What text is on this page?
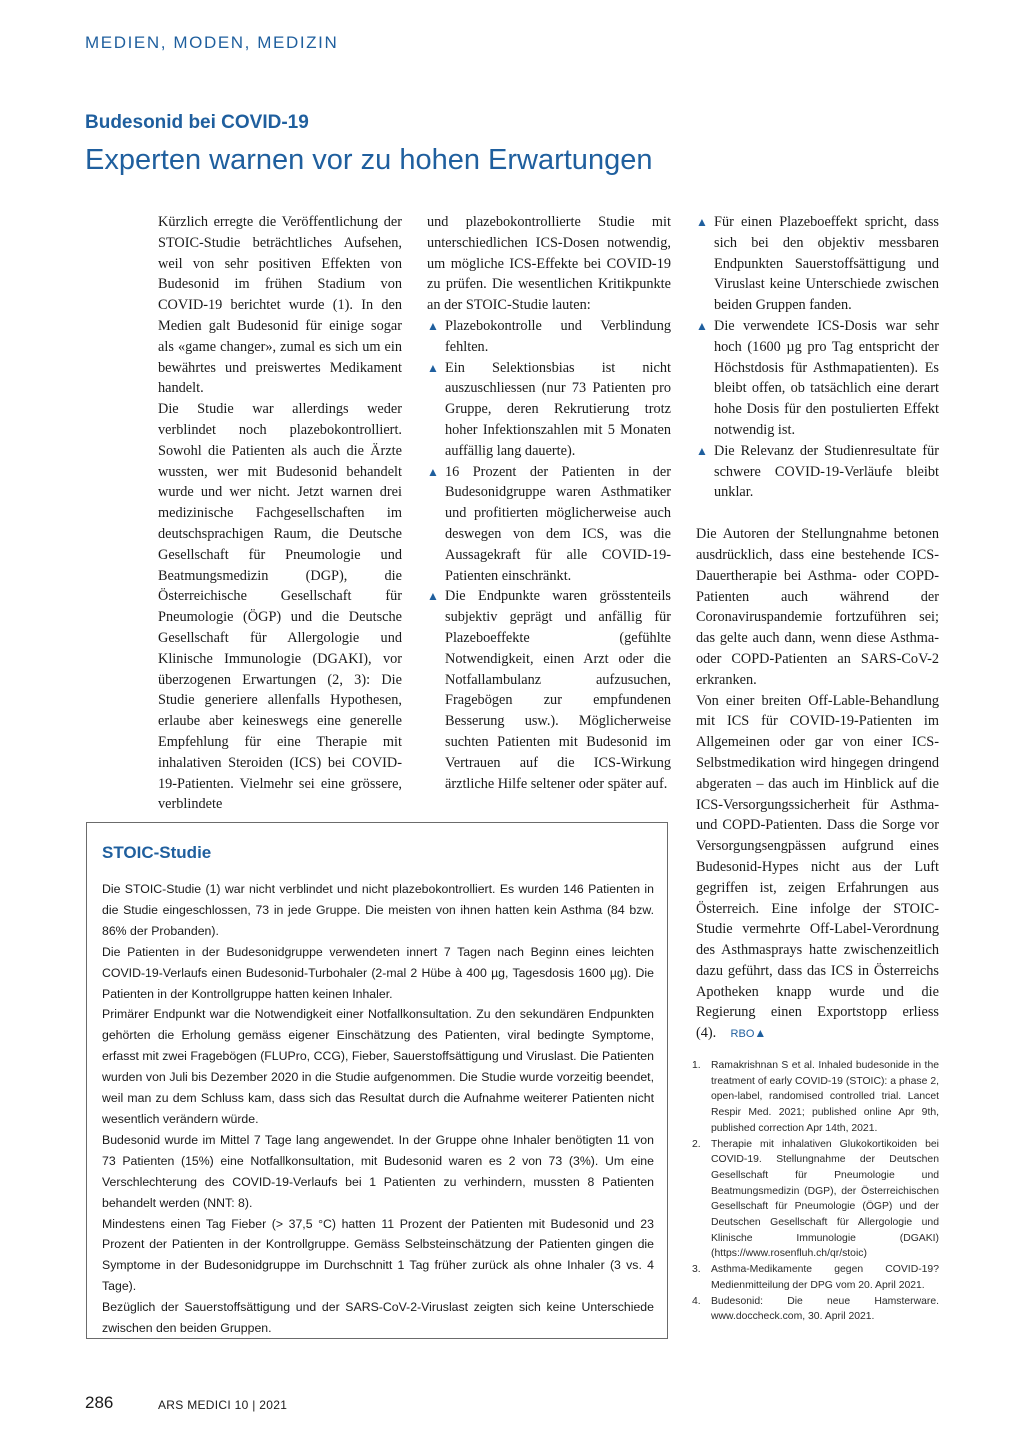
MEDIEN, MODEN, MEDIZIN
Budesonid bei COVID-19
Experten warnen vor zu hohen Erwartungen

Kürzlich erregte die Veröffentlichung der STOIC-Studie beträchtliches Aufsehen, weil von sehr positiven Effekten von Budesonid im frühen Stadium von COVID-19 berichtet wurde (1). In den Medien galt Budesonid für einige sogar als «game changer», zumal es sich um ein bewährtes und preiswertes Medikament handelt.

Die Studie war allerdings weder verblindet noch plazebokontrolliert. Sowohl die Patienten als auch die Ärzte wussten, wer mit Budesonid behandelt wurde und wer nicht. Jetzt warnen drei medizinische Fachgesellschaften im deutschsprachigen Raum, die Deutsche Gesellschaft für Pneumologie und Beatmungsmedizin (DGP), die Österreichische Gesellschaft für Pneumologie (ÖGP) und die Deutsche Gesellschaft für Allergologie und Klinische Immunologie (DGAKI), vor überzogenen Erwartungen (2, 3): Die Studie generiere allenfalls Hypothesen, erlaube aber keineswegs eine generelle Empfehlung für eine Therapie mit inhalativen Steroiden (ICS) bei COVID-19-Patienten. Vielmehr sei eine grössere, verblindete

und plazebokontrollierte Studie mit unterschiedlichen ICS-Dosen notwendig, um mögliche ICS-Effekte bei COVID-19 zu prüfen. Die wesentlichen Kritikpunkte an der STOIC-Studie lauten:

▲ Plazebokontrolle und Verblindung fehlten.
▲ Ein Selektionsbias ist nicht auszuschliessen (nur 73 Patienten pro Gruppe, deren Rekrutierung trotz hoher Infektionszahlen mit 5 Monaten auffällig lang dauerte).
▲ 16 Prozent der Patienten in der Budesonidgruppe waren Asthmatiker und profitierten möglicherweise auch deswegen von dem ICS, was die Aussagekraft für alle COVID-19-Patienten einschränkt.
▲ Die Endpunkte waren grösstenteils subjektiv geprägt und anfällig für Plazeboeffekte (gefühlte Notwendigkeit, einen Arzt oder die Notfallambulanz aufzusuchen, Fragebögen zur empfundenen Besserung usw.). Möglicherweise suchten Patienten mit Budesonid im Vertrauen auf die ICS-Wirkung ärztliche Hilfe seltener oder später auf.
▲ Für einen Plazeboeffekt spricht, dass sich bei den objektiv messbaren Endpunkten Sauerstoffsättigung und Viruslast keine Unterschiede zwischen beiden Gruppen fanden.
▲ Die verwendete ICS-Dosis war sehr hoch (1600 µg pro Tag entspricht der Höchstdosis für Asthmapatienten). Es bleibt offen, ob tatsächlich eine derart hohe Dosis für den postulierten Effekt notwendig ist.
▲ Die Relevanz der Studienresultate für schwere COVID-19-Verläufe bleibt unklar.

Die Autoren der Stellungnahme betonen ausdrücklich, dass eine bestehende ICS-Dauertherapie bei Asthma- oder COPD-Patienten auch während der Coronaviruspandemie fortzuführen sei; das gelte auch dann, wenn diese Asthma- oder COPD-Patienten an SARS-CoV-2 erkranken.

Von einer breiten Off-Lable-Behandlung mit ICS für COVID-19-Patienten im Allgemeinen oder gar von einer ICS-Selbstmedikation wird hingegen dringend abgeraten – das auch im Hinblick auf die ICS-Versorgungssicherheit für Asthma- und COPD-Patienten. Dass die Sorge vor Versorgungsengpässen aufgrund eines Budesonid-Hypes nicht aus der Luft gegriffen ist, zeigen Erfahrungen aus Österreich. Eine infolge der STOIC-Studie vermehrte Off-Label-Verordnung des Asthmasprays hatte zwischenzeitlich dazu geführt, dass das ICS in Österreichs Apotheken knapp wurde und die Regierung einen Exportstopp erliess (4). RBO▲

STOIC-Studie

Die STOIC-Studie (1) war nicht verblindet und nicht plazebokontrolliert. Es wurden 146 Patienten in die Studie eingeschlossen, 73 in jede Gruppe. Die meisten von ihnen hatten kein Asthma (84 bzw. 86% der Probanden).

Die Patienten in der Budesonidgruppe verwendeten innert 7 Tagen nach Beginn eines leichten COVID-19-Verlaufs einen Budesonid-Turbohaler (2-mal 2 Hübe à 400 µg, Tagesdosis 1600 µg). Die Patienten in der Kontrollgruppe hatten keinen Inhaler.

Primärer Endpunkt war die Notwendigkeit einer Notfallkonsultation. Zu den sekundären Endpunkten gehörten die Erholung gemäss eigener Einschätzung des Patienten, viral bedingte Symptome, erfasst mit zwei Fragebögen (FLUPro, CCG), Fieber, Sauerstoffsättigung und Viruslast. Die Patienten wurden von Juli bis Dezember 2020 in die Studie aufgenommen. Die Studie wurde vorzeitig beendet, weil man zu dem Schluss kam, dass sich das Resultat durch die Aufnahme weiterer Patienten nicht wesentlich verändern würde.

Budesonid wurde im Mittel 7 Tage lang angewendet. In der Gruppe ohne Inhaler benötigten 11 von 73 Patienten (15%) eine Notfallkonsultation, mit Budesonid waren es 2 von 73 (3%). Um eine Verschlechterung des COVID-19-Verlaufs bei 1 Patienten zu verhindern, mussten 8 Patienten behandelt werden (NNT: 8).

Mindestens einen Tag Fieber (> 37,5 °C) hatten 11 Prozent der Patienten mit Budesonid und 23 Prozent der Patienten in der Kontrollgruppe. Gemäss Selbsteinschätzung der Patienten gingen die Symptome in der Budesonidgruppe im Durchschnitt 1 Tag früher zurück als ohne Inhaler (3 vs. 4 Tage).

Bezüglich der Sauerstoffsättigung und der SARS-CoV-2-Viruslast zeigten sich keine Unterschiede zwischen den beiden Gruppen.

1. Ramakrishnan S et al. Inhaled budesonide in the treatment of early COVID-19 (STOIC): a phase 2, open-label, randomised controlled trial. Lancet Respir Med. 2021; published online Apr 9th, published correction Apr 14th, 2021.
2. Therapie mit inhalativen Glukokortikoiden bei COVID-19. Stellungnahme der Deutschen Gesellschaft für Pneumologie und Beatmungsmedizin (DGP), der Österreichischen Gesellschaft für Pneumologie (ÖGP) und der Deutschen Gesellschaft für Allergologie und Klinische Immunologie (DGAKI) (https://www.rosenfluh.ch/qr/stoic)
3. Asthma-Medikamente gegen COVID-19? Medienmitteilung der DPG vom 20. April 2021.
4. Budesonid: Die neue Hamsterware. www.doccheck.com, 30. April 2021.
286	ARS MEDICI 10 | 2021
